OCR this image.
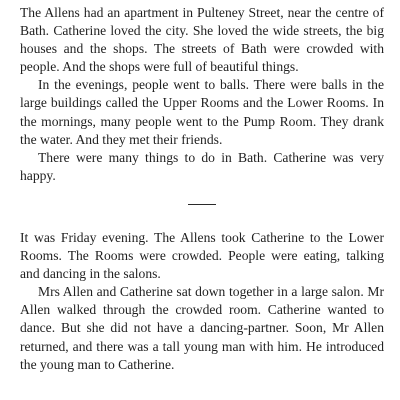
The Allens had an apartment in Pulteney Street, near the centre of Bath. Catherine loved the city. She loved the wide streets, the big houses and the shops. The streets of Bath were crowded with people. And the shops were full of beautiful things.

In the evenings, people went to balls. There were balls in the large buildings called the Upper Rooms and the Lower Rooms. In the mornings, many people went to the Pump Room. They drank the water. And they met their friends.

There were many things to do in Bath. Catherine was very happy.

It was Friday evening. The Allens took Catherine to the Lower Rooms. The Rooms were crowded. People were eating, talking and dancing in the salons.

Mrs Allen and Catherine sat down together in a large salon. Mr Allen walked through the crowded room. Catherine wanted to dance. But she did not have a dancing-partner. Soon, Mr Allen returned, and there was a tall young man with him. He introduced the young man to Catherine.
